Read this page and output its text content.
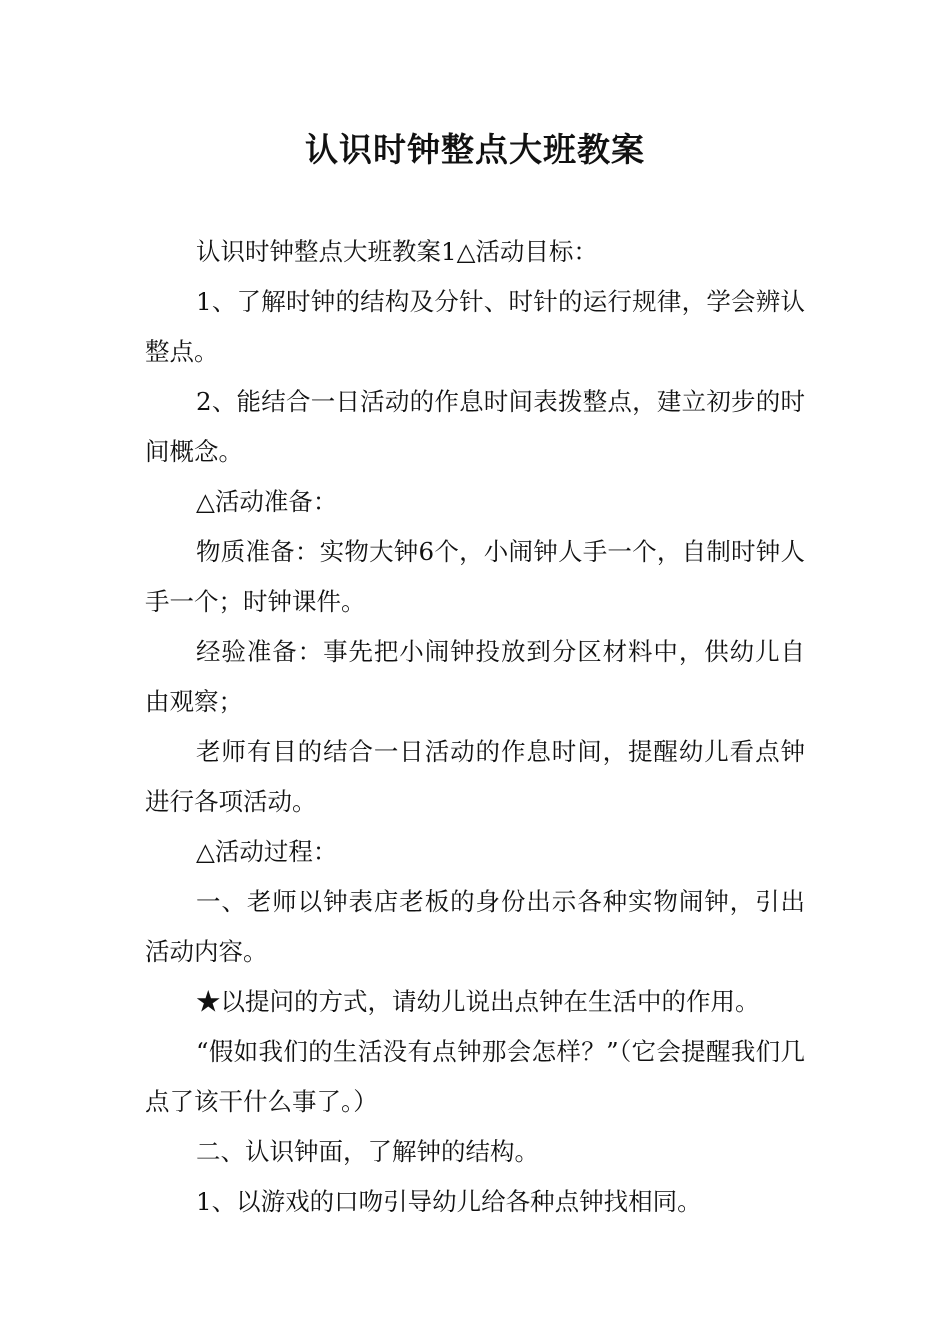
认识时钟整点大班教案

认识时钟整点大班教案1△活动目标：

1、了解时钟的结构及分针、时针的运行规律，学会辨认整点。

2、能结合一日活动的作息时间表拨整点，建立初步的时间概念。

△活动准备：

物质准备：实物大钟6个，小闹钟人手一个，自制时钟人手一个；时钟课件。

经验准备：事先把小闹钟投放到分区材料中，供幼儿自由观察；

老师有目的结合一日活动的作息时间，提醒幼儿看点钟进行各项活动。

△活动过程：

一、老师以钟表店老板的身份出示各种实物闹钟，引出活动内容。

★以提问的方式，请幼儿说出点钟在生活中的作用。

“假如我们的生活没有点钟那会怎样？”（它会提醒我们几点了该干什么事了。）

二、认识钟面，了解钟的结构。

1、以游戏的口吻引导幼儿给各种点钟找相同。
